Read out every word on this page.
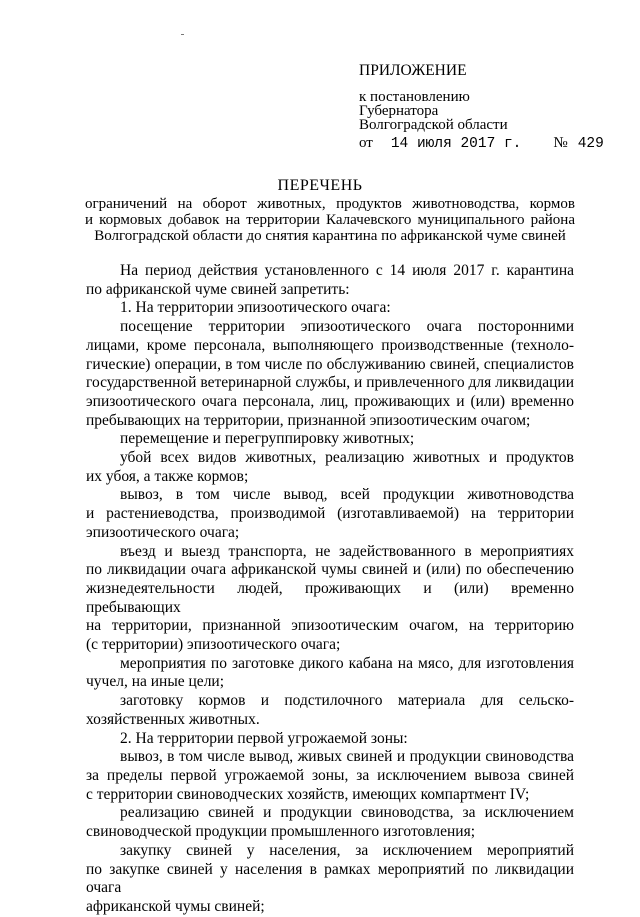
ПРИЛОЖЕНИЕ
к постановлению
Губернатора
Волгоградской области
от 14 июля 2017 г. № 429
ПЕРЕЧЕНЬ
ограничений на оборот животных, продуктов животноводства, кормов
и кормовых добавок на территории Калачевского муниципального района
Волгоградской области до снятия карантина по африканской чуме свиней
На период действия установленного с 14 июля 2017 г. карантина
по африканской чуме свиней запретить:
1. На территории эпизоотического очага:
посещение территории эпизоотического очага посторонними
лицами, кроме персонала, выполняющего производственные (техноло-
гические) операции, в том числе по обслуживанию свиней, специалистов
государственной ветеринарной службы, и привлеченного для ликвидации
эпизоотического очага персонала, лиц, проживающих и (или) временно
пребывающих на территории, признанной эпизоотическим очагом;
перемещение и перегруппировку животных;
убой всех видов животных, реализацию животных и продуктов
их убоя, а также кормов;
вывоз, в том числе вывод, всей продукции животноводства
и растениеводства, производимой (изготавливаемой) на территории
эпизоотического очага;
въезд и выезд транспорта, не задействованного в мероприятиях
по ликвидации очага африканской чумы свиней и (или) по обеспечению
жизнедеятельности людей, проживающих и (или) временно пребывающих
на территории, признанной эпизоотическим очагом, на территорию
(с территории) эпизоотического очага;
мероприятия по заготовке дикого кабана на мясо, для изготовления
чучел, на иные цели;
заготовку кормов и подстилочного материала для сельско-
хозяйственных животных.
2. На территории первой угрожаемой зоны:
вывоз, в том числе вывод, живых свиней и продукции свиноводства
за пределы первой угрожаемой зоны, за исключением вывоза свиней
с территории свиноводческих хозяйств, имеющих компартмент IV;
реализацию свиней и продукции свиноводства, за исключением
свиноводческой продукции промышленного изготовления;
закупку свиней у населения, за исключением мероприятий
по закупке свиней у населения в рамках мероприятий по ликвидации очага
африканской чумы свиней;
